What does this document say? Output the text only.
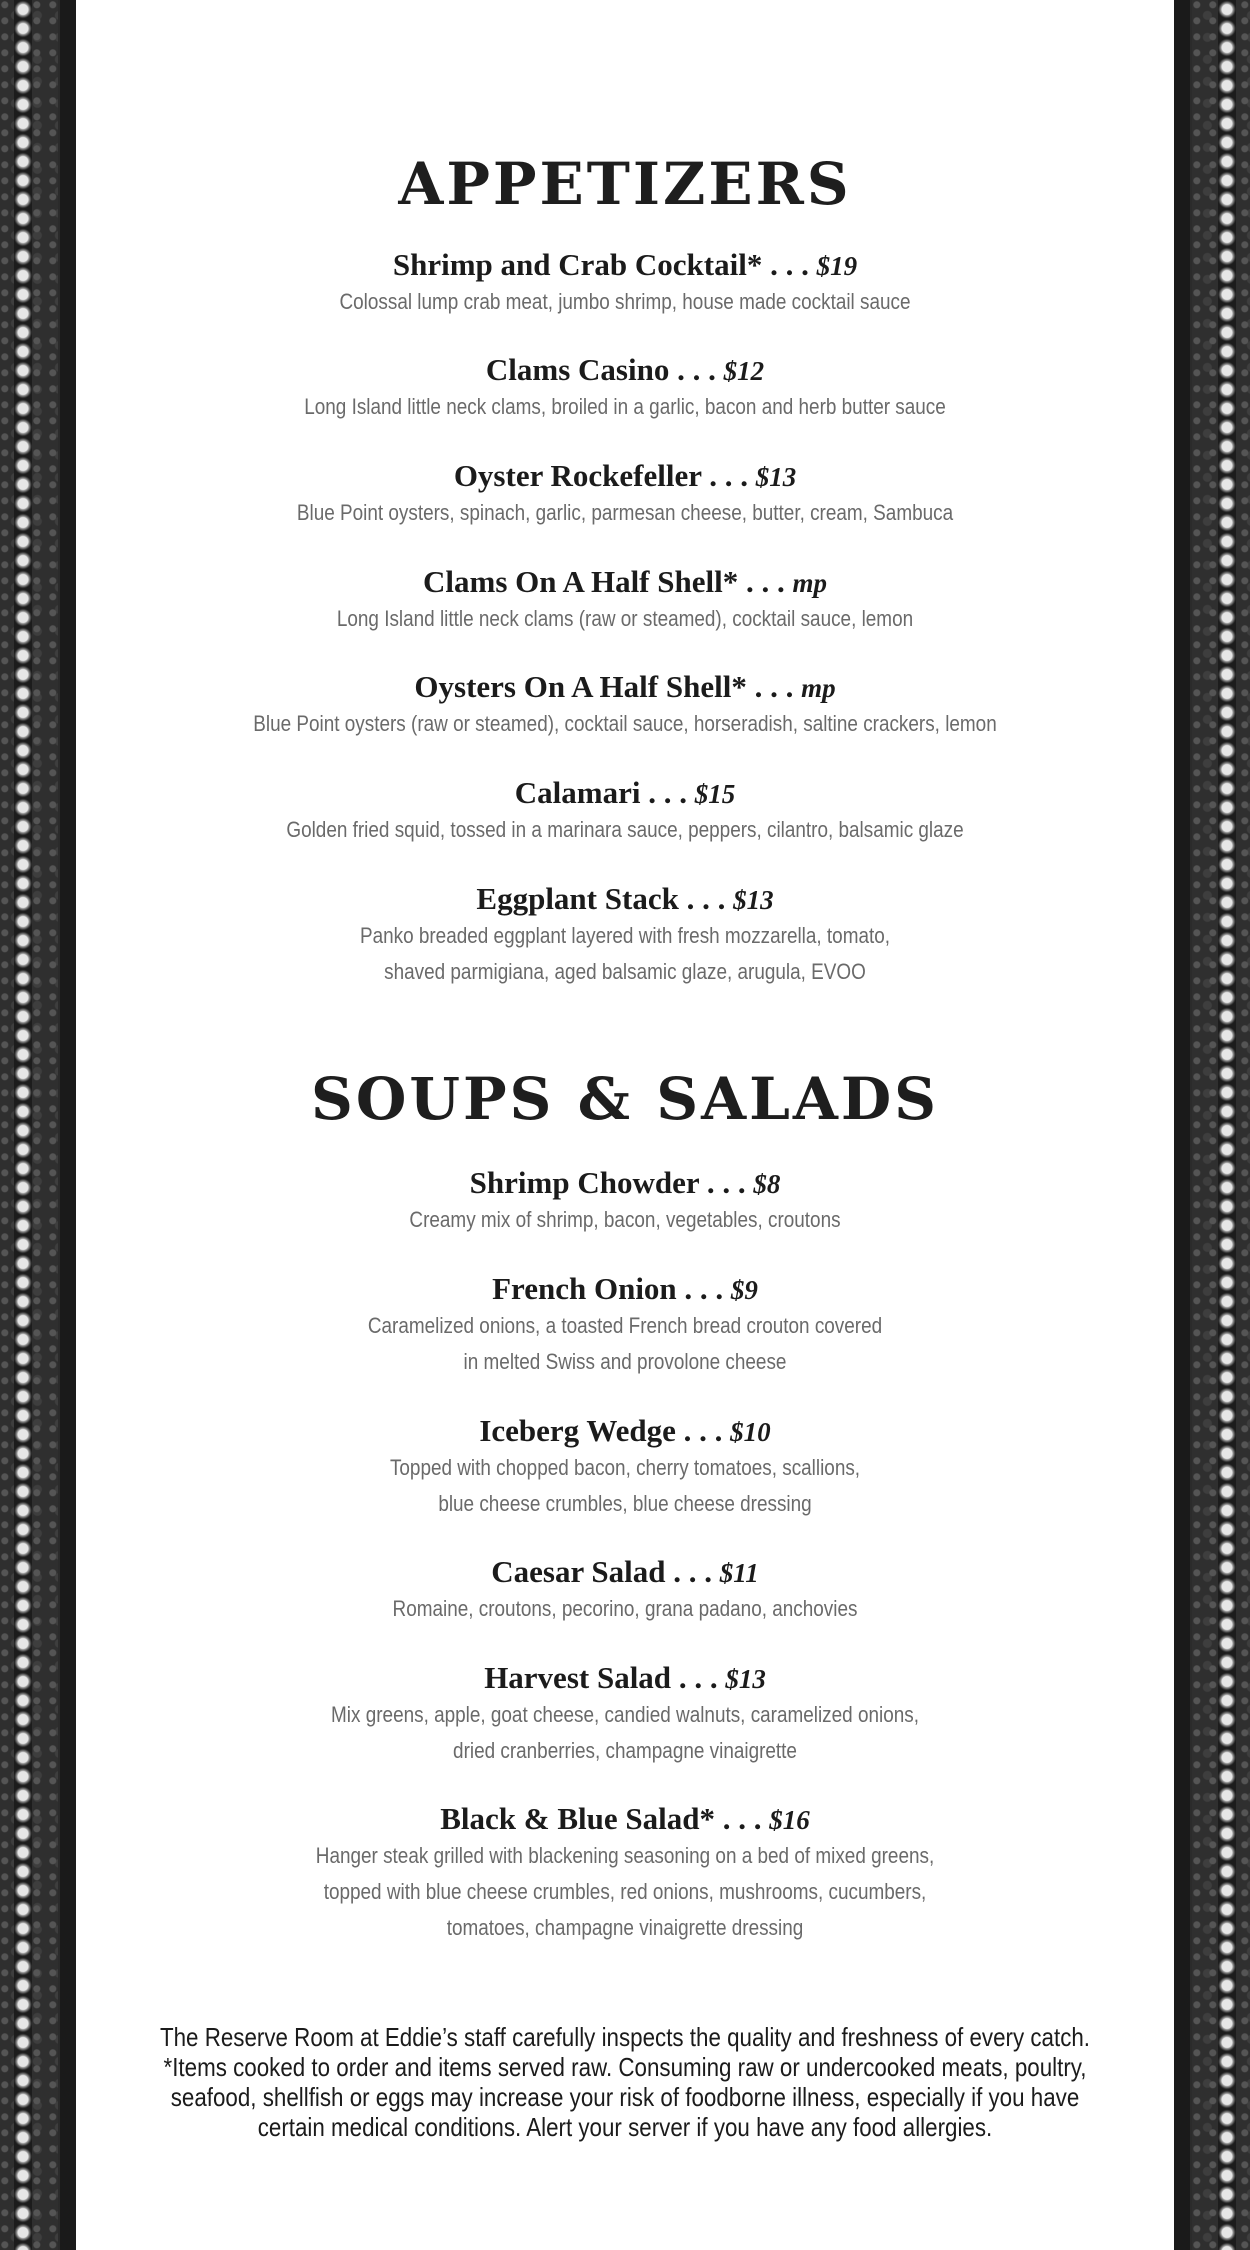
APPETIZERS
Shrimp and Crab Cocktail* . . . $19
Colossal lump crab meat, jumbo shrimp, house made cocktail sauce
Clams Casino . . . $12
Long Island little neck clams, broiled in a garlic, bacon and herb butter sauce
Oyster Rockefeller . . . $13
Blue Point oysters, spinach, garlic, parmesan cheese, butter, cream, Sambuca
Clams On A Half Shell* . . . mp
Long Island little neck clams (raw or steamed), cocktail sauce, lemon
Oysters On A Half Shell* . . . mp
Blue Point oysters (raw or steamed), cocktail sauce, horseradish, saltine crackers, lemon
Calamari . . . $15
Golden fried squid, tossed in a marinara sauce, peppers, cilantro, balsamic glaze
Eggplant Stack . . . $13
Panko breaded eggplant layered with fresh mozzarella, tomato,
shaved parmigiana, aged balsamic glaze, arugula, EVOO
SOUPS & SALADS
Shrimp Chowder . . . $8
Creamy mix of shrimp, bacon, vegetables, croutons
French Onion . . . $9
Caramelized onions, a toasted French bread crouton covered
in melted Swiss and provolone cheese
Iceberg Wedge . . . $10
Topped with chopped bacon, cherry tomatoes, scallions,
blue cheese crumbles, blue cheese dressing
Caesar Salad . . . $11
Romaine, croutons, pecorino, grana padano, anchovies
Harvest Salad . . . $13
Mix greens, apple, goat cheese, candied walnuts, caramelized onions,
dried cranberries, champagne vinaigrette
Black & Blue Salad* . . . $16
Hanger steak grilled with blackening seasoning on a bed of mixed greens,
topped with blue cheese crumbles, red onions, mushrooms, cucumbers,
tomatoes, champagne vinaigrette dressing
The Reserve Room at Eddie’s staff carefully inspects the quality and freshness of every catch.
*Items cooked to order and items served raw. Consuming raw or undercooked meats, poultry,
seafood, shellfish or eggs may increase your risk of foodborne illness, especially if you have
certain medical conditions. Alert your server if you have any food allergies.
